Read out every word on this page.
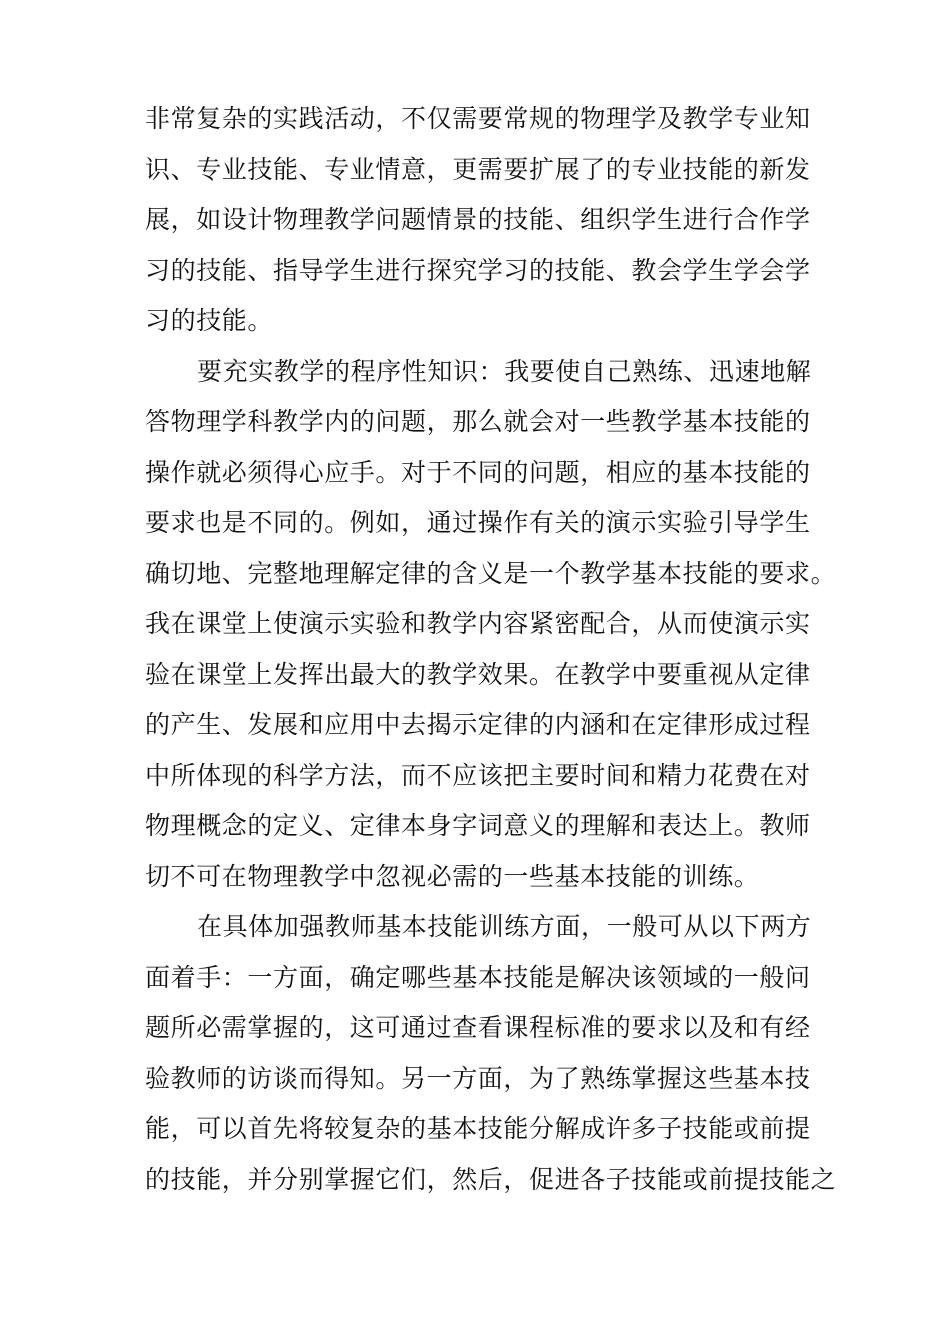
非常复杂的实践活动，不仅需要常规的物理学及教学专业知
识、专业技能、专业情意，更需要扩展了的专业技能的新发
展，如设计物理教学问题情景的技能、组织学生进行合作学
习的技能、指导学生进行探究学习的技能、教会学生学会学
习的技能。
要充实教学的程序性知识：我要使自己熟练、迅速地解
答物理学科教学内的问题，那么就会对一些教学基本技能的
操作就必须得心应手。对于不同的问题，相应的基本技能的
要求也是不同的。例如，通过操作有关的演示实验引导学生
确切地、完整地理解定律的含义是一个教学基本技能的要求。
我在课堂上使演示实验和教学内容紧密配合，从而使演示实
验在课堂上发挥出最大的教学效果。在教学中要重视从定律
的产生、发展和应用中去揭示定律的内涵和在定律形成过程
中所体现的科学方法，而不应该把主要时间和精力花费在对
物理概念的定义、定律本身字词意义的理解和表达上。教师
切不可在物理教学中忽视必需的一些基本技能的训练。
在具体加强教师基本技能训练方面，一般可从以下两方
面着手：一方面，确定哪些基本技能是解决该领域的一般问
题所必需掌握的，这可通过查看课程标准的要求以及和有经
验教师的访谈而得知。另一方面，为了熟练掌握这些基本技
能，可以首先将较复杂的基本技能分解成许多子技能或前提
的技能，并分别掌握它们，然后，促进各子技能或前提技能之
